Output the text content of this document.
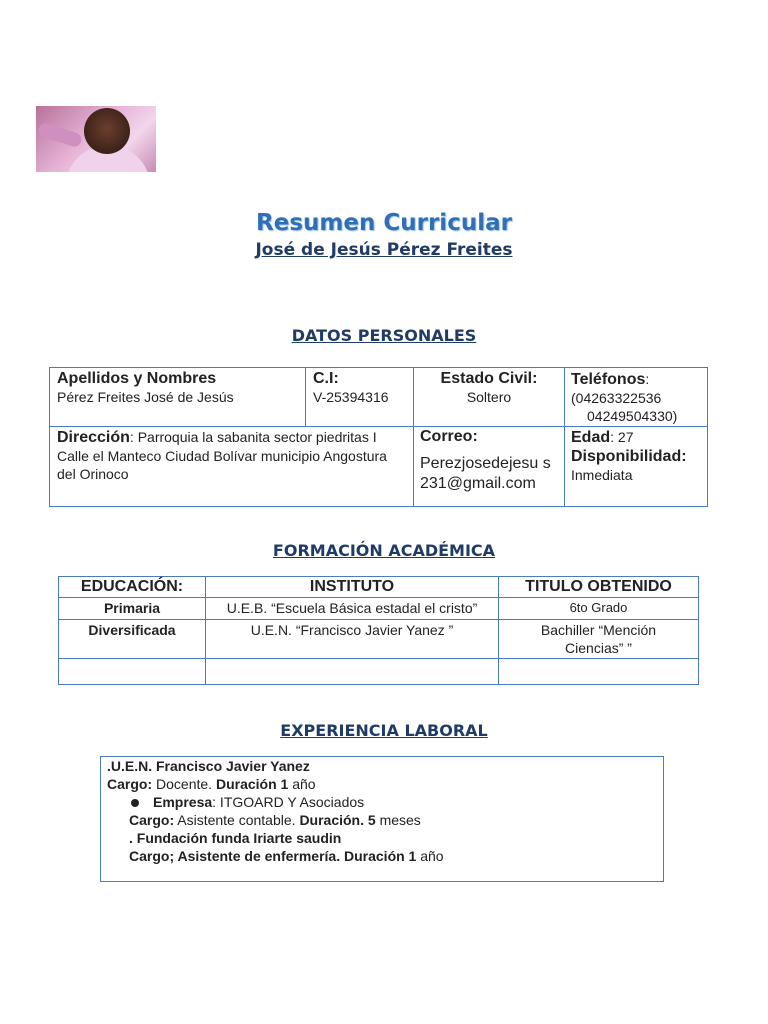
Resumen Curricular
José de Jesús Pérez Freites
DATOS PERSONALES
Apellidos y Nombres
Pérez Freites José de Jesús
C.I:
V-25394316
Estado Civil:
Soltero
Teléfonos:
(04263322536
04249504330)
Dirección: Parroquia la sabanita sector piedritas I Calle el Manteco Ciudad Bolívar municipio Angostura del Orinoco
Correo:
Perezjosedejesu s231@gmail.com
Edad: 27
Disponibilidad:
Inmediata
FORMACIÓN ACADÉMICA
EDUCACIÓN:	INSTITUTO	TITULO OBTENIDO
Primaria	U.E.B. “Escuela Básica estadal el cristo”	6to Grado
Diversificada	U.E.N. “Francisco Javier Yanez ”	Bachiller “Mención Ciencias” ”

EXPERIENCIA LABORAL
.U.E.N. Francisco Javier Yanez
Cargo: Docente. Duración 1 año
Empresa: ITGOARD Y Asociados
Cargo: Asistente contable. Duración. 5 meses
. Fundación funda Iriarte saudin
Cargo; Asistente de enfermería. Duración 1 año
